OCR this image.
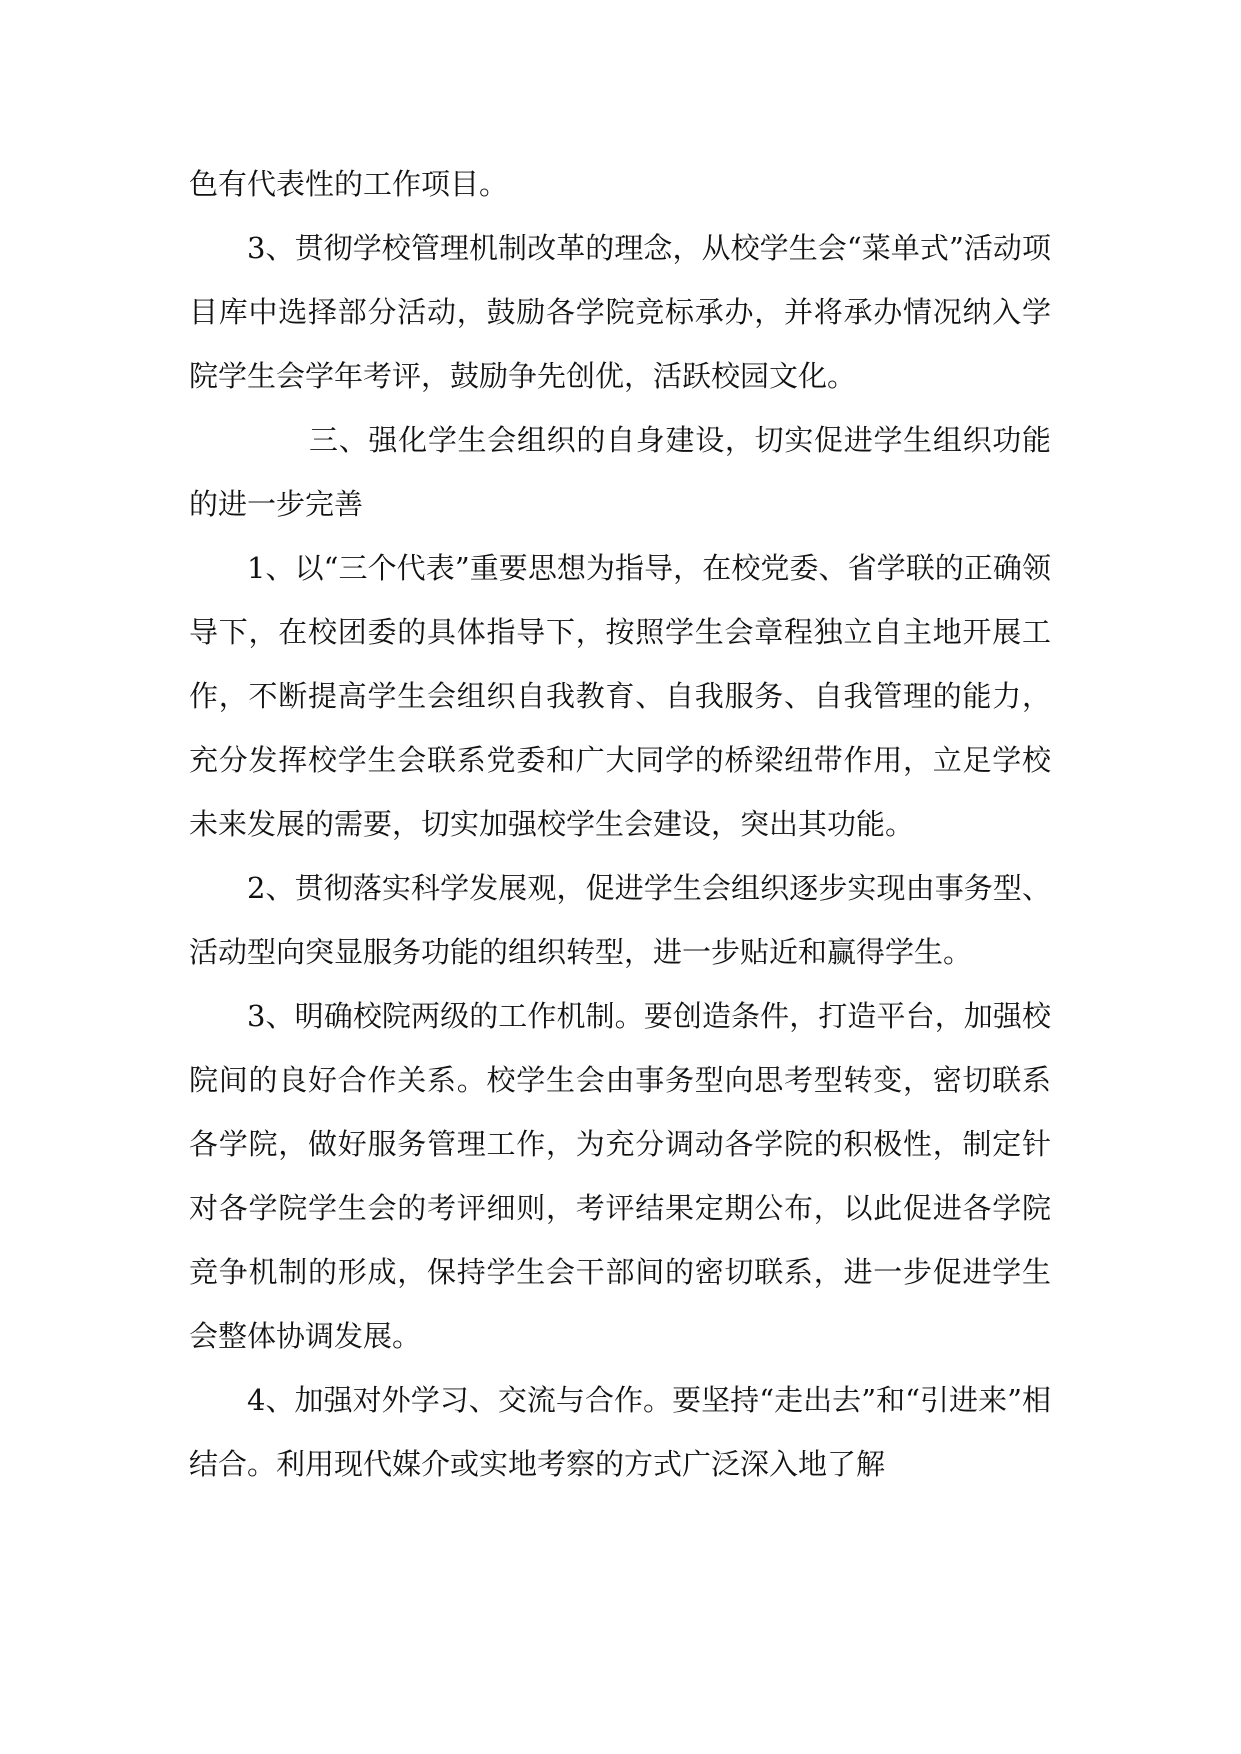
色有代表性的工作项目。

3、贯彻学校管理机制改革的理念，从校学生会“菜单式”活动项目库中选择部分活动，鼓励各学院竞标承办，并将承办情况纳入学院学生会学年考评，鼓励争先创优，活跃校园文化。

三、强化学生会组织的自身建设，切实促进学生组织功能的进一步完善

1、以“三个代表”重要思想为指导，在校党委、省学联的正确领导下，在校团委的具体指导下，按照学生会章程独立自主地开展工作，不断提高学生会组织自我教育、自我服务、自我管理的能力，充分发挥校学生会联系党委和广大同学的桥梁纽带作用，立足学校未来发展的需要，切实加强校学生会建设，突出其功能。

2、贯彻落实科学发展观，促进学生会组织逐步实现由事务型、活动型向突显服务功能的组织转型，进一步贴近和赢得学生。

3、明确校院两级的工作机制。要创造条件，打造平台，加强校院间的良好合作关系。校学生会由事务型向思考型转变，密切联系各学院，做好服务管理工作，为充分调动各学院的积极性，制定针对各学院学生会的考评细则，考评结果定期公布，以此促进各学院竞争机制的形成，保持学生会干部间的密切联系，进一步促进学生会整体协调发展。

4、加强对外学习、交流与合作。要坚持“走出去”和“引进来”相结合。利用现代媒介或实地考察的方式广泛深入地了解
